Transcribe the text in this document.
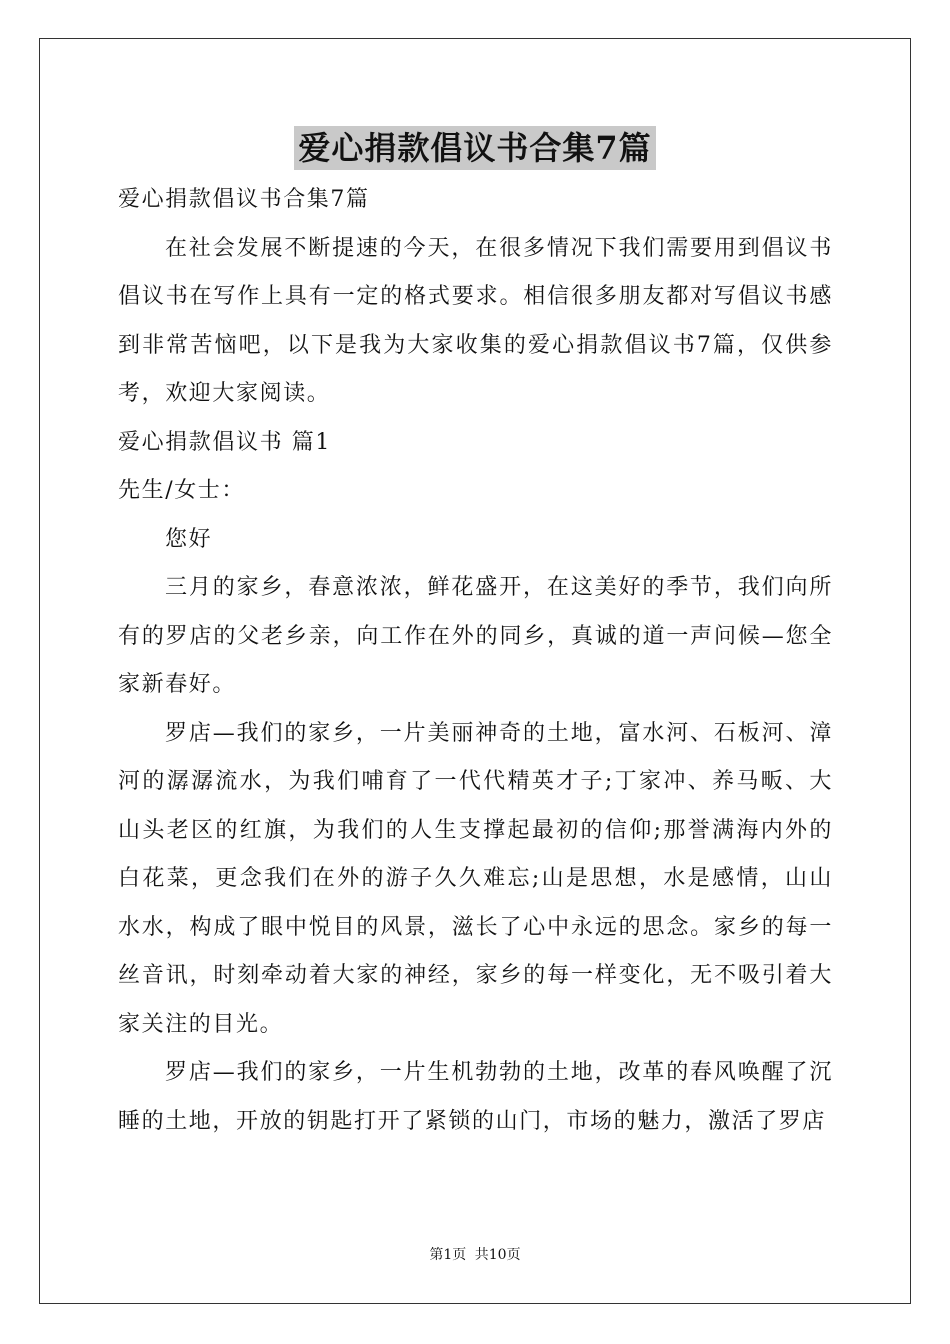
爱心捐款倡议书合集7篇

爱心捐款倡议书合集7篇

在社会发展不断提速的今天，在很多情况下我们需要用到倡议书倡议书在写作上具有一定的格式要求。相信很多朋友都对写倡议书感到非常苦恼吧，以下是我为大家收集的爱心捐款倡议书7篇，仅供参考，欢迎大家阅读。

爱心捐款倡议书 篇1

先生/女士：

您好

三月的家乡，春意浓浓，鲜花盛开，在这美好的季节，我们向所有的罗店的父老乡亲，向工作在外的同乡，真诚的道一声问候—您全家新春好。

罗店—我们的家乡，一片美丽神奇的土地，富水河、石板河、漳河的潺潺流水，为我们哺育了一代代精英才子;丁家冲、养马畈、大山头老区的红旗，为我们的人生支撑起最初的信仰;那誉满海内外的白花菜，更念我们在外的游子久久难忘;山是思想，水是感情，山山水水，构成了眼中悦目的风景，滋长了心中永远的思念。家乡的每一丝音讯，时刻牵动着大家的神经，家乡的每一样变化，无不吸引着大家关注的目光。

罗店—我们的家乡，一片生机勃勃的土地，改革的春风唤醒了沉睡的土地，开放的钥匙打开了紧锁的山门，市场的魅力，激活了罗店

第1页 共10页
